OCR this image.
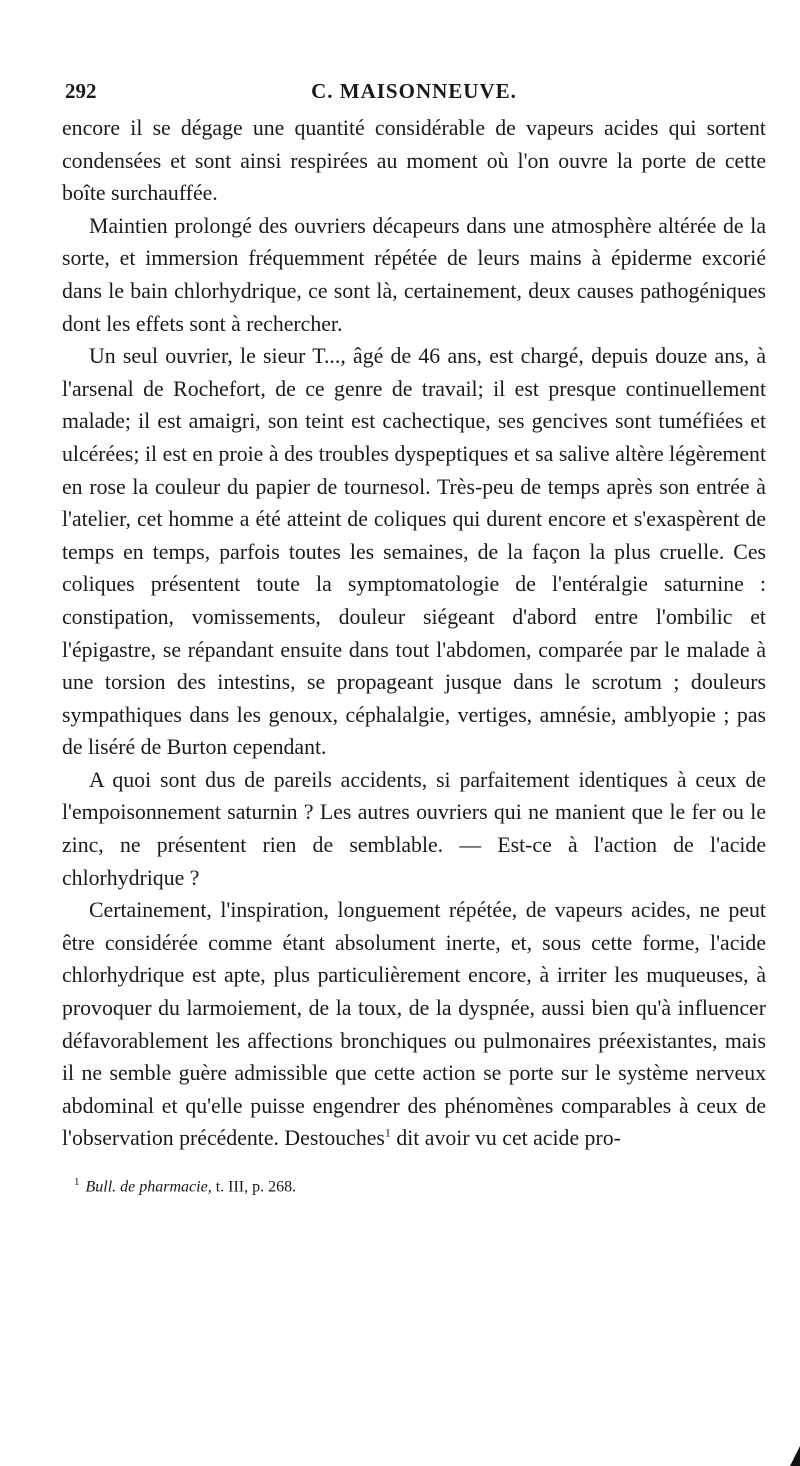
292	C. MAISONNEUVE.

encore il se dégage une quantité considérable de vapeurs acides qui sortent condensées et sont ainsi respirées au moment où l'on ouvre la porte de cette boîte surchauffée.

Maintien prolongé des ouvriers décapeurs dans une atmosphère altérée de la sorte, et immersion fréquemment répétée de leurs mains à épiderme excorié dans le bain chlorhydrique, ce sont là, certainement, deux causes pathogéniques dont les effets sont à rechercher.

Un seul ouvrier, le sieur T..., âgé de 46 ans, est chargé, depuis douze ans, à l'arsenal de Rochefort, de ce genre de travail; il est presque continuellement malade; il est amaigri, son teint est cachectique, ses gencives sont tuméfiées et ulcérées; il est en proie à des troubles dyspeptiques et sa salive altère légèrement en rose la couleur du papier de tournesol. Très-peu de temps après son entrée à l'atelier, cet homme a été atteint de coliques qui durent encore et s'exaspèrent de temps en temps, parfois toutes les semaines, de la façon la plus cruelle. Ces coliques présentent toute la symptomatologie de l'entéralgie saturnine : constipation, vomissements, douleur siégeant d'abord entre l'ombilic et l'épigastre, se répandant ensuite dans tout l'abdomen, comparée par le malade à une torsion des intestins, se propageant jusque dans le scrotum ; douleurs sympathiques dans les genoux, céphalalgie, vertiges, amnésie, amblyopie ; pas de liséré de Burton cependant.

A quoi sont dus de pareils accidents, si parfaitement identiques à ceux de l'empoisonnement saturnin ? Les autres ouvriers qui ne manient que le fer ou le zinc, ne présentent rien de semblable. — Est-ce à l'action de l'acide chlorhydrique ?

Certainement, l'inspiration, longuement répétée, de vapeurs acides, ne peut être considérée comme étant absolument inerte, et, sous cette forme, l'acide chlorhydrique est apte, plus particulièrement encore, à irriter les muqueuses, à provoquer du larmoiement, de la toux, de la dyspnée, aussi bien qu'à influencer défavorablement les affections bronchiques ou pulmonaires préexistantes, mais il ne semble guère admissible que cette action se porte sur le système nerveux abdominal et qu'elle puisse engendrer des phénomènes comparables à ceux de l'observation précédente. Destouches$^1$ dit avoir vu cet acide pro-

$^1$ Bull. de pharmacie, t. III, p. 268.
